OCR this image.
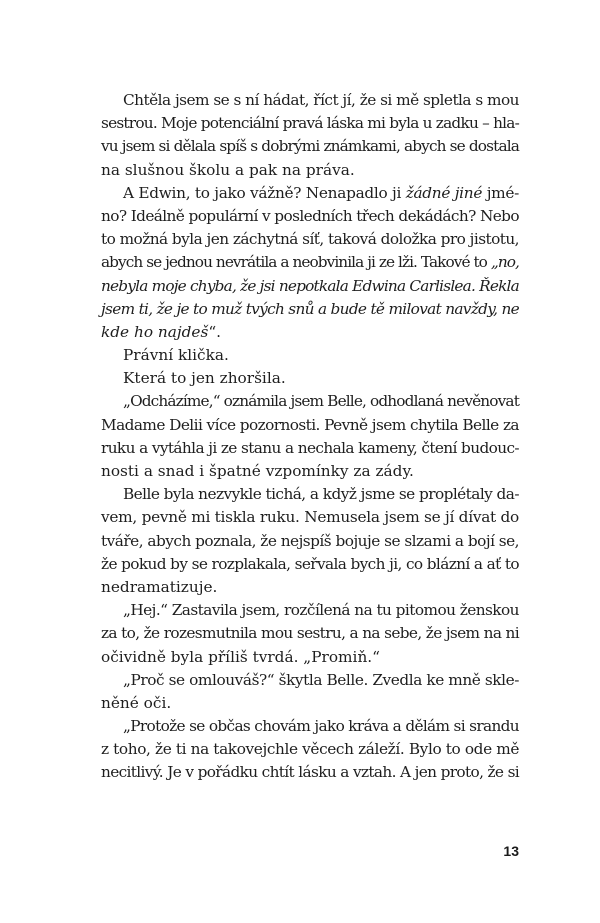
Chtěla jsem se s ní hádat, říct jí, že si mě spletla s mou
sestrou. Moje potenciální pravá láska mi byla u zadku – hla-
vu jsem si dělala spíš s dobrými známkami, abych se dostala
na slušnou školu a pak na práva.
A Edwin, to jako vážně? Nenapadlo ji žádné jiné jmé-
no? Ideálně populární v posledních třech dekádách? Nebo
to možná byla jen záchytná síť, taková doložka pro jistotu,
abych se jednou nevrátila a neobvinila ji ze lži. Takové to „no,
nebyla moje chyba, že jsi nepotkala Edwina Carlislea. Řekla
jsem ti, že je to muž tvých snů a bude tě milovat navždy, ne
kde ho najdeš“.
Právní klička.
Která to jen zhoršila.
„Odcházíme,“ oznámila jsem Belle, odhodlaná nevěnovat
Madame Delii více pozornosti. Pevně jsem chytila Belle za
ruku a vytáhla ji ze stanu a nechala kameny, čtení budouc-
nosti a snad i špatné vzpomínky za zády.
Belle byla nezvykle tichá, a když jsme se proplétaly da-
vem, pevně mi tiskla ruku. Nemusela jsem se jí dívat do
tváře, abych poznala, že nejspíš bojuje se slzami a bojí se,
že pokud by se rozplakala, seřvala bych ji, co blázní a ať to
nedramatizuje.
„Hej.“ Zastavila jsem, rozčílená na tu pitomou ženskou
za to, že rozesmutnila mou sestru, a na sebe, že jsem na ni
očividně byla příliš tvrdá. „Promiň.“
„Proč se omlouváš?“ škytla Belle. Zvedla ke mně skle-
něné oči.
„Protože se občas chovám jako kráva a dělám si srandu
z toho, že ti na takovejchle věcech záleží. Bylo to ode mě
necitlivý. Je v pořádku chtít lásku a vztah. A jen proto, že si
13
